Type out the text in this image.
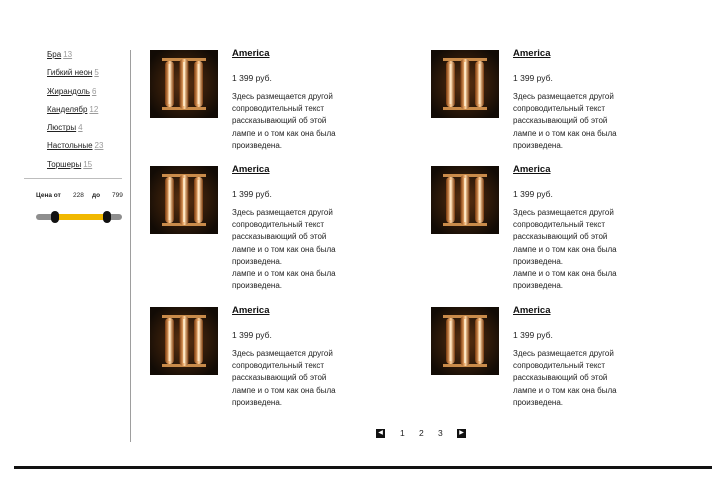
Бра 13
Гибкий неон 5
Жирандоль 6
Канделябр 12
Люстры 4
Настольные 23
Торшеры 15
Цена от 228 до 799
America
1 399 руб.
Здесь размещается другой
сопроводительный текст
рассказывающий об этой
лампе и о том как она была
произведена.
America
1 399 руб.
Здесь размещается другой
сопроводительный текст
рассказывающий об этой
лампе и о том как она была
произведена.
America
1 399 руб.
Здесь размещается другой
сопроводительный текст
рассказывающий об этой
лампе и о том как она была
произведена.
лампе и о том как она была
произведена.
America
1 399 руб.
Здесь размещается другой
сопроводительный текст
рассказывающий об этой
лампе и о том как она была
произведена.
лампе и о том как она была
произведена.
America
1 399 руб.
Здесь размещается другой
сопроводительный текст
рассказывающий об этой
лампе и о том как она была
произведена.
America
1 399 руб.
Здесь размещается другой
сопроводительный текст
рассказывающий об этой
лампе и о том как она была
произведена.
◀ 1 2 3	▶
